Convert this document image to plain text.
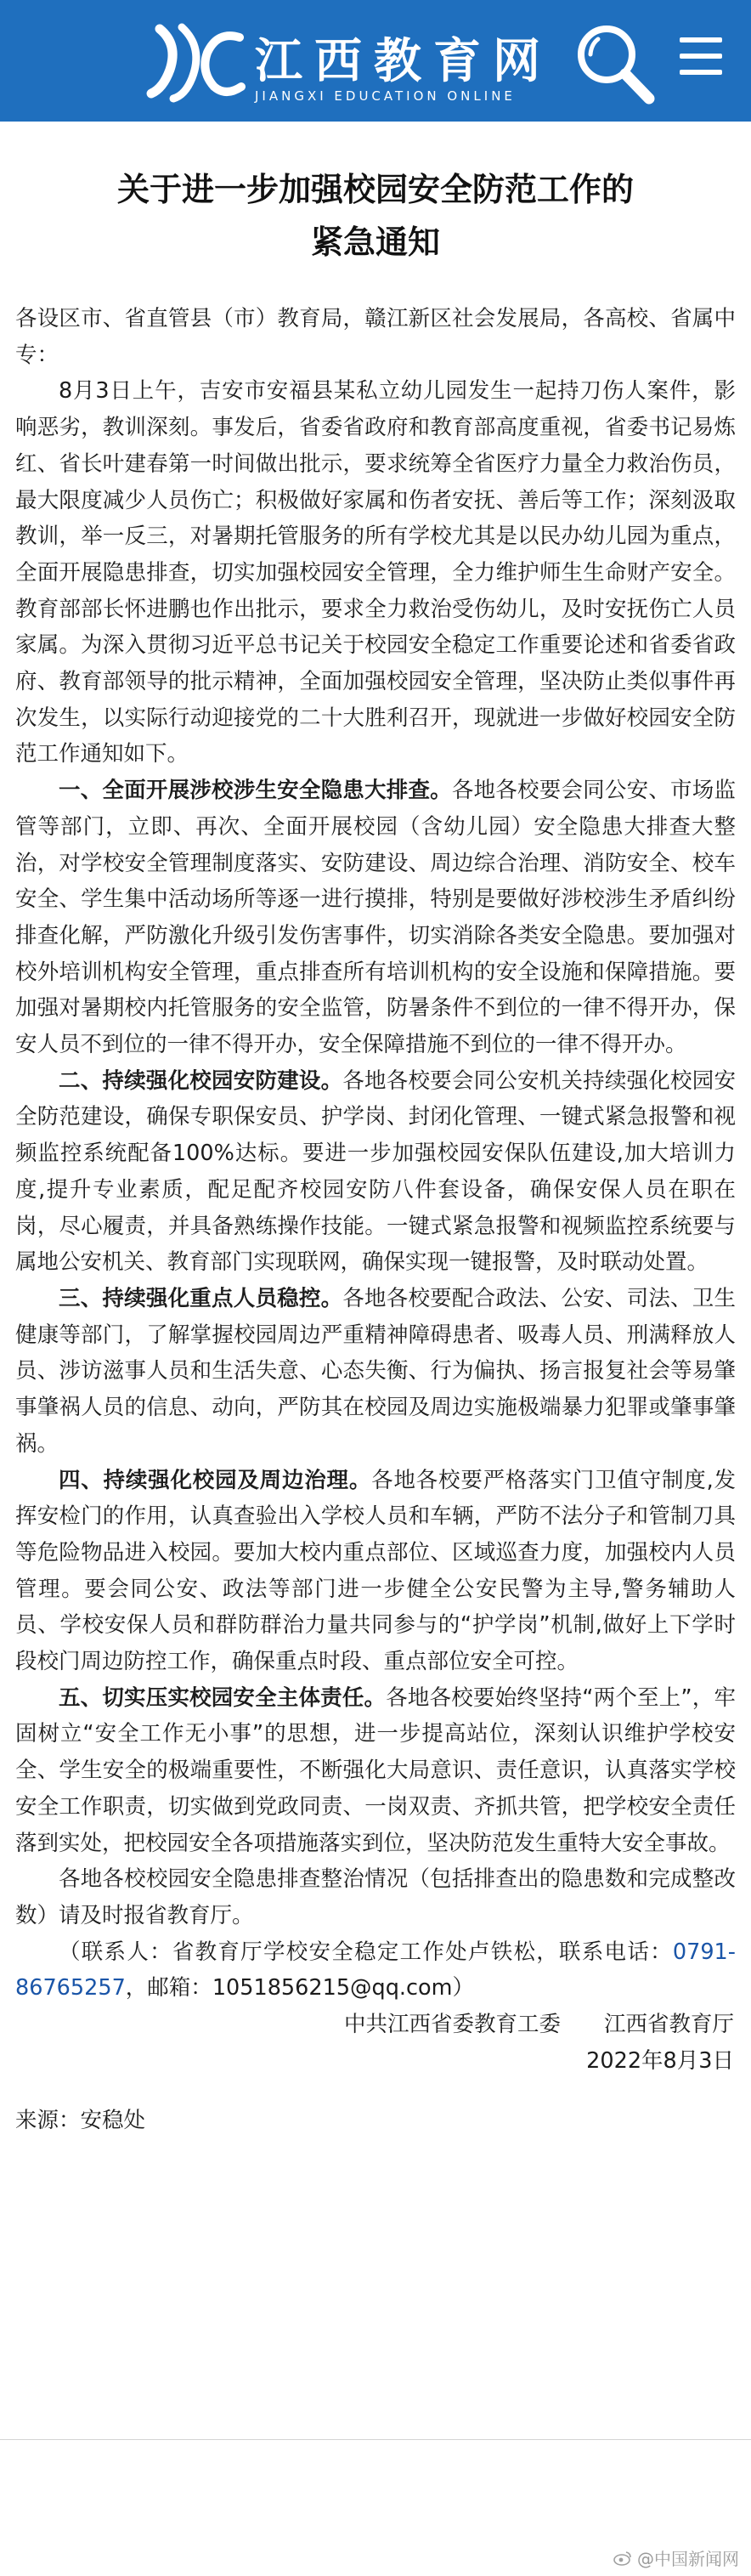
江西教育网
JIANGXI EDUCATION ONLINE
关于进一步加强校园安全防范工作的
紧急通知

各设区市、省直管县（市）教育局，赣江新区社会发展局，各高校、省属中专：

8月3日上午，吉安市安福县某私立幼儿园发生一起持刀伤人案件，影响恶劣，教训深刻。事发后，省委省政府和教育部高度重视，省委书记易炼红、省长叶建春第一时间做出批示，要求统筹全省医疗力量全力救治伤员，最大限度减少人员伤亡；积极做好家属和伤者安抚、善后等工作；深刻汲取教训，举一反三，对暑期托管服务的所有学校尤其是以民办幼儿园为重点，全面开展隐患排查，切实加强校园安全管理，全力维护师生生命财产安全。教育部部长怀进鹏也作出批示，要求全力救治受伤幼儿，及时安抚伤亡人员家属。为深入贯彻习近平总书记关于校园安全稳定工作重要论述和省委省政府、教育部领导的批示精神，全面加强校园安全管理，坚决防止类似事件再次发生，以实际行动迎接党的二十大胜利召开，现就进一步做好校园安全防范工作通知如下。

一、全面开展涉校涉生安全隐患大排查。各地各校要会同公安、市场监管等部门，立即、再次、全面开展校园（含幼儿园）安全隐患大排查大整治，对学校安全管理制度落实、安防建设、周边综合治理、消防安全、校车安全、学生集中活动场所等逐一进行摸排，特别是要做好涉校涉生矛盾纠纷排查化解，严防激化升级引发伤害事件，切实消除各类安全隐患。要加强对校外培训机构安全管理，重点排查所有培训机构的安全设施和保障措施。要加强对暑期校内托管服务的安全监管，防暑条件不到位的一律不得开办，保安人员不到位的一律不得开办，安全保障措施不到位的一律不得开办。

二、持续强化校园安防建设。各地各校要会同公安机关持续强化校园安全防范建设，确保专职保安员、护学岗、封闭化管理、一键式紧急报警和视频监控系统配备100%达标。要进一步加强校园安保队伍建设,加大培训力度,提升专业素质，配足配齐校园安防八件套设备，确保安保人员在职在岗，尽心履责，并具备熟练操作技能。一键式紧急报警和视频监控系统要与属地公安机关、教育部门实现联网，确保实现一键报警，及时联动处置。

三、持续强化重点人员稳控。各地各校要配合政法、公安、司法、卫生健康等部门，了解掌握校园周边严重精神障碍患者、吸毒人员、刑满释放人员、涉访滋事人员和生活失意、心态失衡、行为偏执、扬言报复社会等易肇事肇祸人员的信息、动向，严防其在校园及周边实施极端暴力犯罪或肇事肇祸。

四、持续强化校园及周边治理。各地各校要严格落实门卫值守制度,发挥安检门的作用，认真查验出入学校人员和车辆，严防不法分子和管制刀具等危险物品进入校园。要加大校内重点部位、区域巡查力度，加强校内人员管理。要会同公安、政法等部门进一步健全公安民警为主导,警务辅助人员、学校安保人员和群防群治力量共同参与的“护学岗”机制,做好上下学时段校门周边防控工作，确保重点时段、重点部位安全可控。

五、切实压实校园安全主体责任。各地各校要始终坚持“两个至上”，牢固树立“安全工作无小事”的思想，进一步提高站位，深刻认识维护学校安全、学生安全的极端重要性，不断强化大局意识、责任意识，认真落实学校安全工作职责，切实做到党政同责、一岗双责、齐抓共管，把学校安全责任落到实处，把校园安全各项措施落实到位，坚决防范发生重特大安全事故。

各地各校校园安全隐患排查整治情况（包括排查出的隐患数和完成整改数）请及时报省教育厅。

（联系人：省教育厅学校安全稳定工作处卢铁松，联系电话：0791-86765257，邮箱：1051856215@qq.com）

中共江西省委教育工委　　江西省教育厅

2022年8月3日

来源：安稳处

@中国新闻网
